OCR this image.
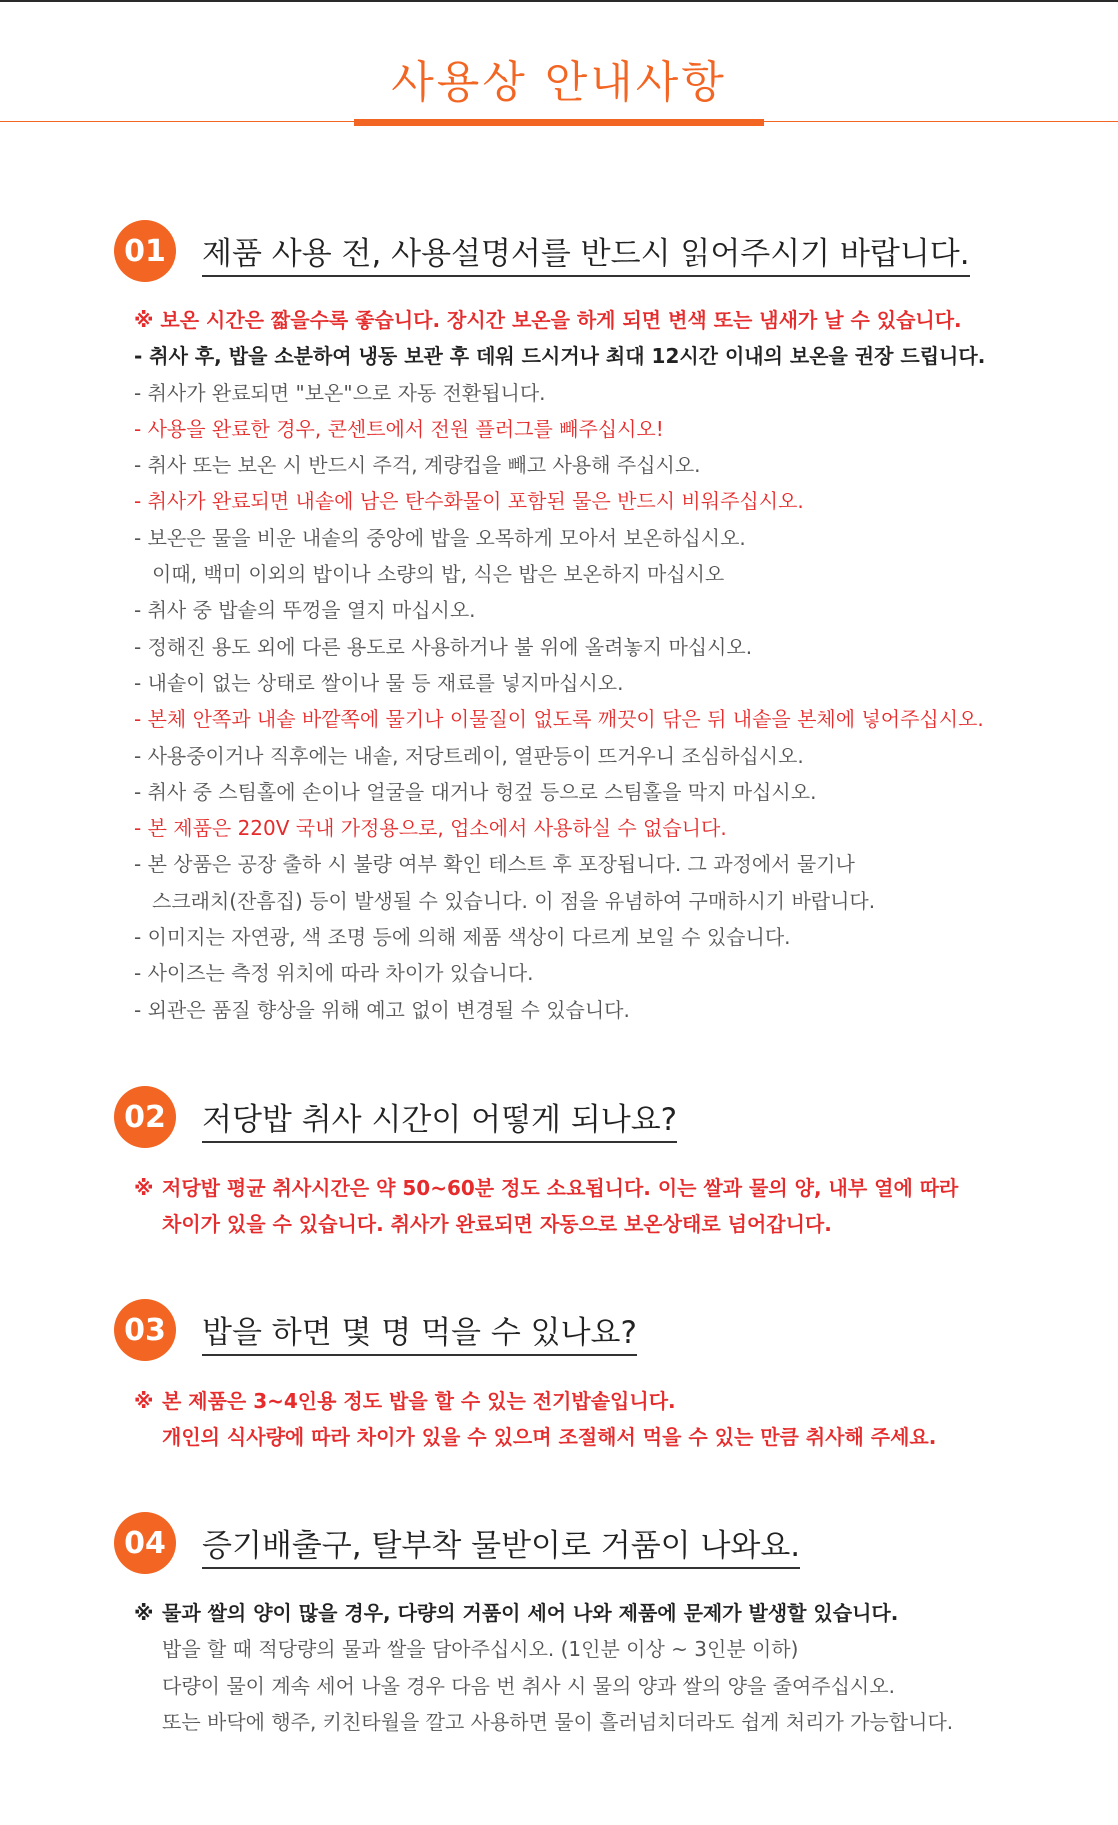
사용상 안내사항
01	제품 사용 전, 사용설명서를 반드시 읽어주시기 바랍니다.
※ 보온 시간은 짧을수록 좋습니다. 장시간 보온을 하게 되면 변색 또는 냄새가 날 수 있습니다.
- 취사 후, 밥을 소분하여 냉동 보관 후 데워 드시거나 최대 12시간 이내의 보온을 권장 드립니다.
- 취사가 완료되면 "보온"으로 자동 전환됩니다.
- 사용을 완료한 경우, 콘센트에서 전원 플러그를 빼주십시오!
- 취사 또는 보온 시 반드시 주걱, 계량컵을 빼고 사용해 주십시오.
- 취사가 완료되면 내솥에 남은 탄수화물이 포함된 물은 반드시 비워주십시오.
- 보온은 물을 비운 내솥의 중앙에 밥을 오목하게 모아서 보온하십시오.
이때, 백미 이외의 밥이나 소량의 밥, 식은 밥은 보온하지 마십시오
- 취사 중 밥솥의 뚜껑을 열지 마십시오.
- 정해진 용도 외에 다른 용도로 사용하거나 불 위에 올려놓지 마십시오.
- 내솥이 없는 상태로 쌀이나 물 등 재료를 넣지마십시오.
- 본체 안쪽과 내솥 바깥쪽에 물기나 이물질이 없도록 깨끗이 닦은 뒤 내솥을 본체에 넣어주십시오.
- 사용중이거나 직후에는 내솥, 저당트레이, 열판등이 뜨거우니 조심하십시오.
- 취사 중 스팀홀에 손이나 얼굴을 대거나 헝겊 등으로 스팀홀을 막지 마십시오.
- 본 제품은 220V 국내 가정용으로, 업소에서 사용하실 수 없습니다.
- 본 상품은 공장 출하 시 불량 여부 확인 테스트 후 포장됩니다. 그 과정에서 물기나
스크래치(잔흠집) 등이 발생될 수 있습니다. 이 점을 유념하여 구매하시기 바랍니다.
- 이미지는 자연광, 색 조명 등에 의해 제품 색상이 다르게 보일 수 있습니다.
- 사이즈는 측정 위치에 따라 차이가 있습니다.
- 외관은 품질 향상을 위해 예고 없이 변경될 수 있습니다.
02	저당밥 취사 시간이 어떻게 되나요?
※ 저당밥 평균 취사시간은 약 50~60분 정도 소요됩니다. 이는 쌀과 물의 양, 내부 열에 따라
차이가 있을 수 있습니다. 취사가 완료되면 자동으로 보온상태로 넘어갑니다.
03	밥을 하면 몇 명 먹을 수 있나요?
※ 본 제품은 3~4인용 정도 밥을 할 수 있는 전기밥솥입니다.
개인의 식사량에 따라 차이가 있을 수 있으며 조절해서 먹을 수 있는 만큼 취사해 주세요.
04	증기배출구, 탈부착 물받이로 거품이 나와요.
※ 물과 쌀의 양이 많을 경우, 다량의 거품이 세어 나와 제품에 문제가 발생할 있습니다.
밥을 할 때 적당량의 물과 쌀을 담아주십시오. (1인분 이상 ~ 3인분 이하)
다량이 물이 계속 세어 나올 경우 다음 번 취사 시 물의 양과 쌀의 양을 줄여주십시오.
또는 바닥에 행주, 키친타월을 깔고 사용하면 물이 흘러넘치더라도 쉽게 처리가 가능합니다.
